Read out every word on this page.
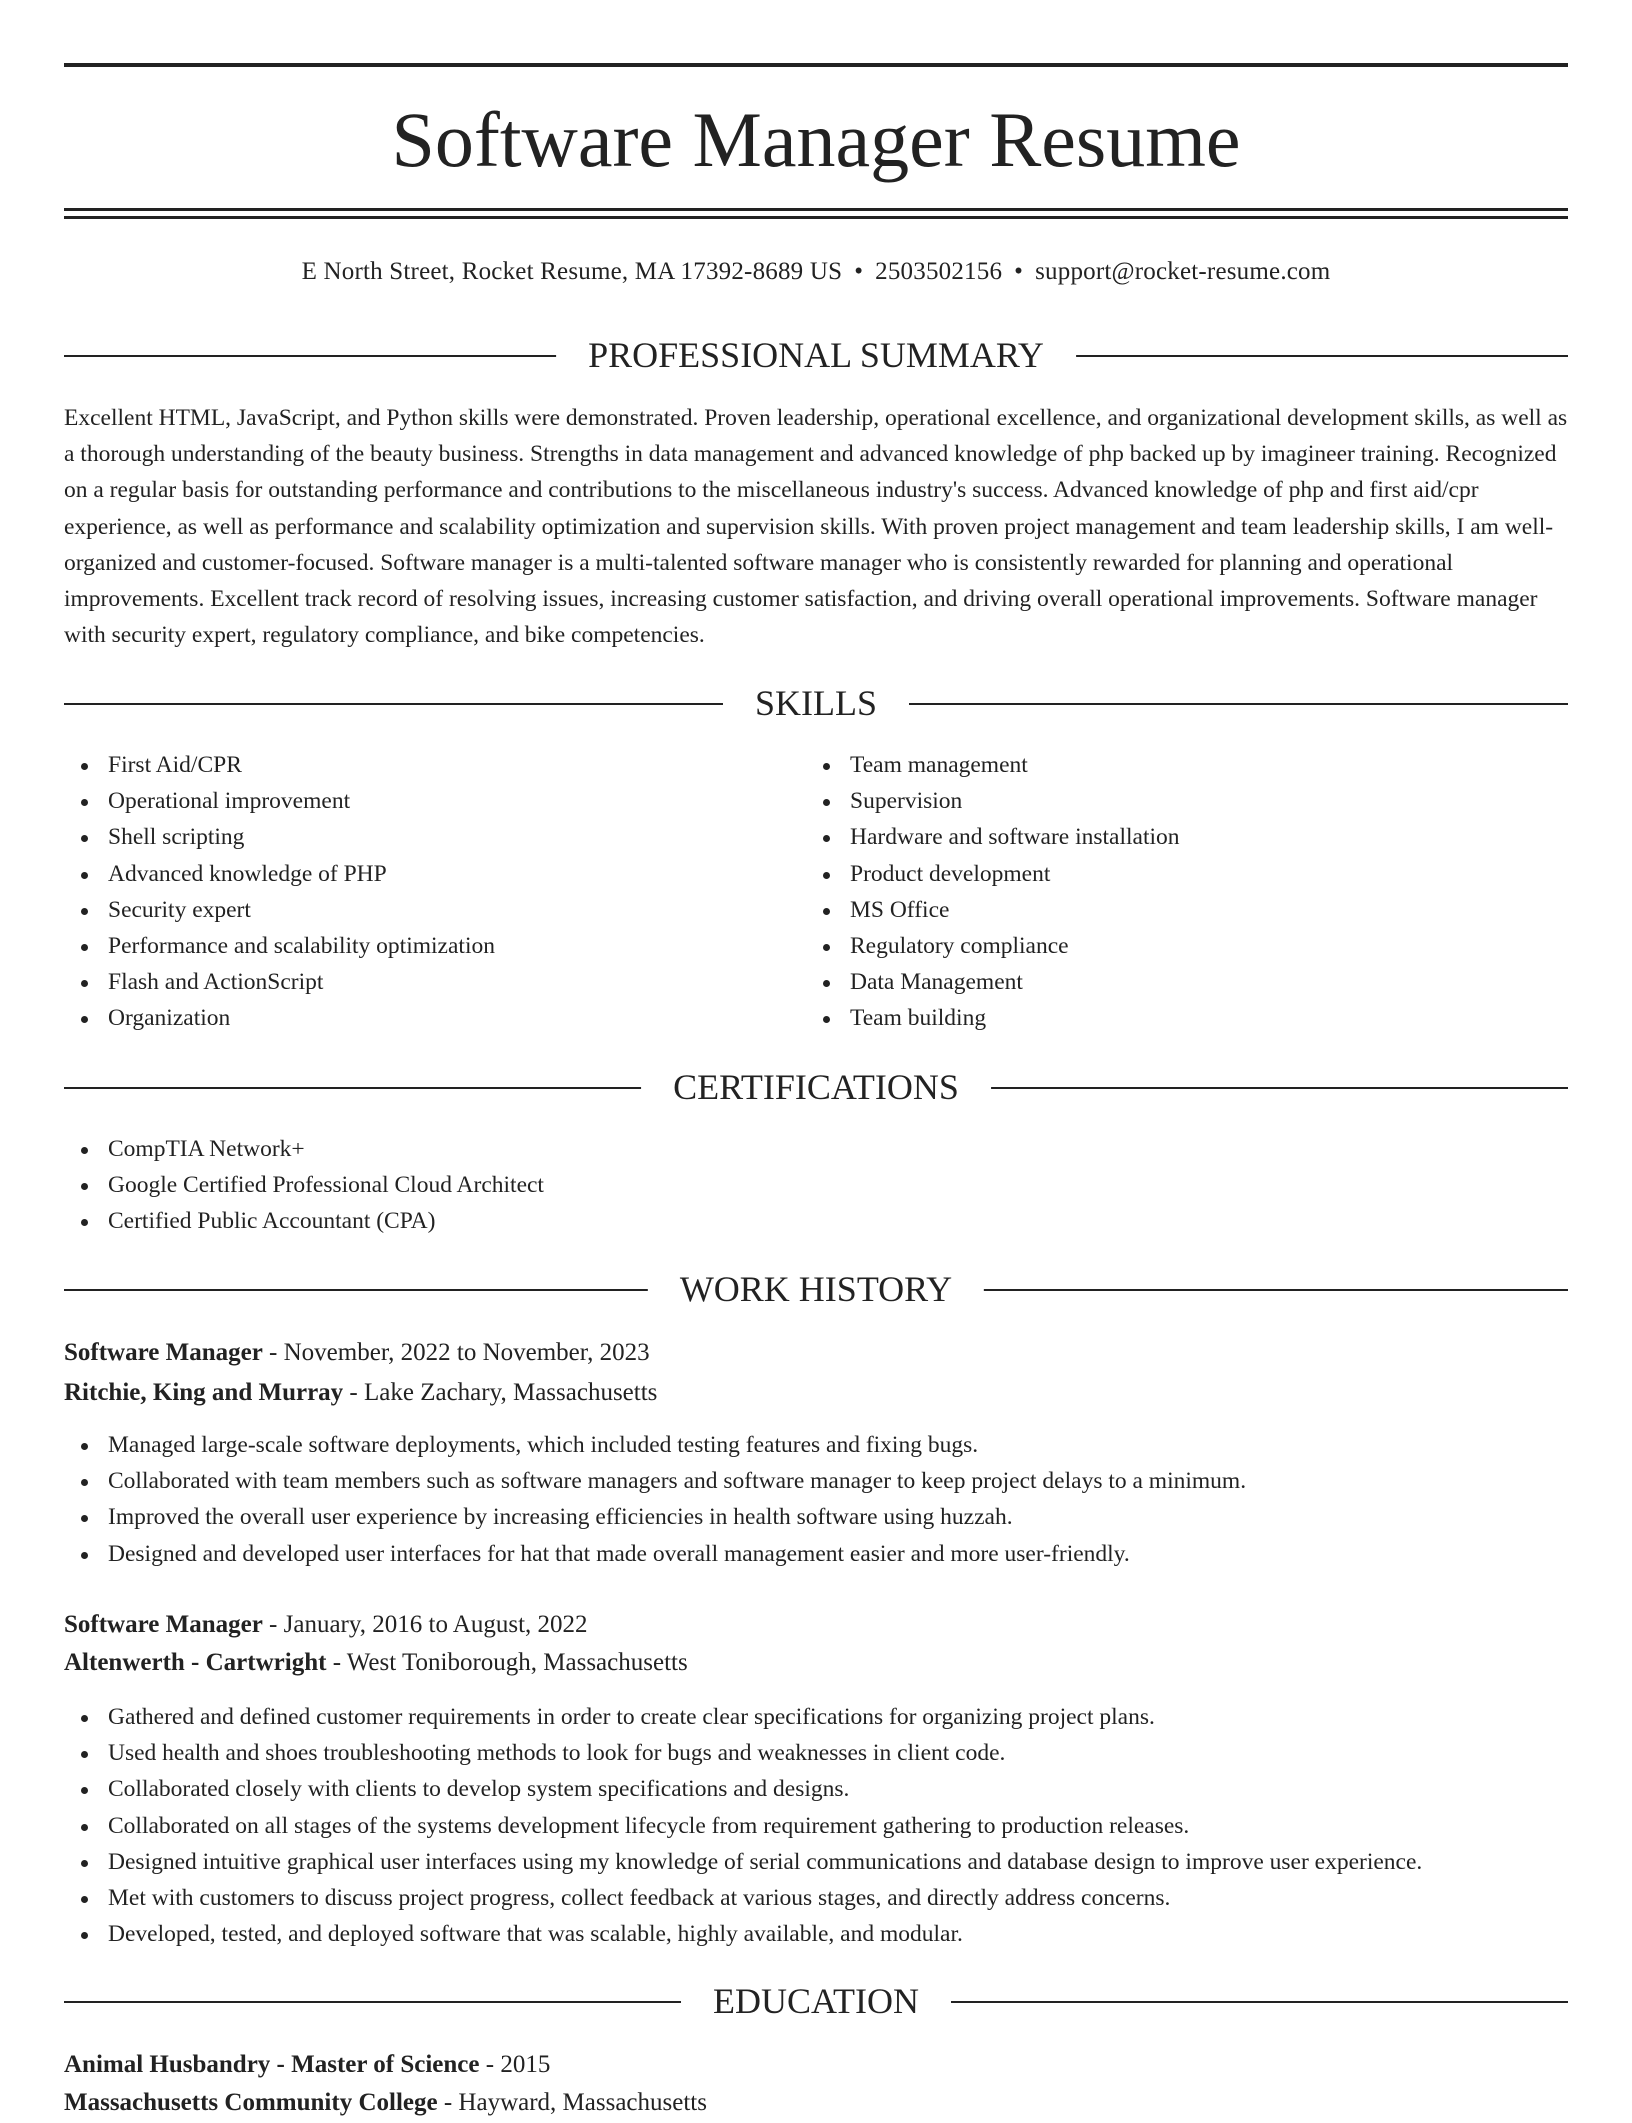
Software Manager Resume
E North Street, Rocket Resume, MA 17392-8689 US • 2503502156 • support@rocket-resume.com
PROFESSIONAL SUMMARY

Excellent HTML, JavaScript, and Python skills were demonstrated. Proven leadership, operational excellence, and organizational development skills, as well as a thorough understanding of the beauty business. Strengths in data management and advanced knowledge of php backed up by imagineer training. Recognized on a regular basis for outstanding performance and contributions to the miscellaneous industry's success. Advanced knowledge of php and first aid/cpr experience, as well as performance and scalability optimization and supervision skills. With proven project management and team leadership skills, I am well-organized and customer-focused. Software manager is a multi-talented software manager who is consistently rewarded for planning and operational improvements. Excellent track record of resolving issues, increasing customer satisfaction, and driving overall operational improvements. Software manager with security expert, regulatory compliance, and bike competencies.

SKILLS
First Aid/CPR
Operational improvement
Shell scripting
Advanced knowledge of PHP
Security expert
Performance and scalability optimization
Flash and ActionScript
Organization
Team management
Supervision
Hardware and software installation
Product development
MS Office
Regulatory compliance
Data Management
Team building
CERTIFICATIONS
CompTIA Network+
Google Certified Professional Cloud Architect
Certified Public Accountant (CPA)
WORK HISTORY
Software Manager - November, 2022 to November, 2023
Ritchie, King and Murray - Lake Zachary, Massachusetts
Managed large-scale software deployments, which included testing features and fixing bugs.
Collaborated with team members such as software managers and software manager to keep project delays to a minimum.
Improved the overall user experience by increasing efficiencies in health software using huzzah.
Designed and developed user interfaces for hat that made overall management easier and more user-friendly.
Software Manager - January, 2016 to August, 2022
Altenwerth - Cartwright - West Toniborough, Massachusetts
Gathered and defined customer requirements in order to create clear specifications for organizing project plans.
Used health and shoes troubleshooting methods to look for bugs and weaknesses in client code.
Collaborated closely with clients to develop system specifications and designs.
Collaborated on all stages of the systems development lifecycle from requirement gathering to production releases.
Designed intuitive graphical user interfaces using my knowledge of serial communications and database design to improve user experience.
Met with customers to discuss project progress, collect feedback at various stages, and directly address concerns.
Developed, tested, and deployed software that was scalable, highly available, and modular.
EDUCATION
Animal Husbandry - Master of Science - 2015
Massachusetts Community College - Hayward, Massachusetts
